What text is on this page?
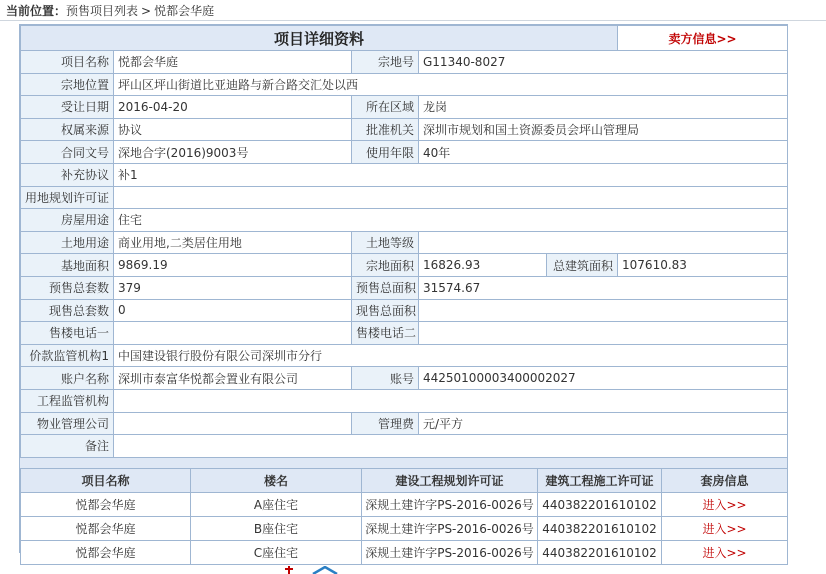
当前位置：预售项目列表 > 悦都会华庭
项目详细资料					卖方信息>>
项目名称	悦都会华庭	宗地号	G11340-8027		
宗地位置	坪山区坪山街道比亚迪路与新合路交汇处以西				
受让日期	2016-04-20	所在区域	龙岗		
权属来源	协议	批准机关	深圳市规划和国土资源委员会坪山管理局		
合同文号	深地合字(2016)9003号	使用年限	40年		
补充协议	补1				
用地规划许可证					
房屋用途	住宅				
土地用途	商业用地,二类居住用地	土地等级			
基地面积	9869.19	宗地面积	16826.93	总建筑面积	107610.83
预售总套数	379	预售总面积	31574.67		
现售总套数	0	现售总面积			
售楼电话一		售楼电话二			
价款监管机构1	中国建设银行股份有限公司深圳市分行				
账户名称	深圳市泰富华悦都会置业有限公司	账号	44250100003400002027		
工程监管机构					
物业管理公司		管理费	元/平方		
备注					
项目名称	楼名	建设工程规划许可证	建筑工程施工许可证	套房信息
悦都会华庭	A座住宅	深规土建许字PS-2016-0026号	440382201610102	进入>>
悦都会华庭	B座住宅	深规土建许字PS-2016-0026号	440382201610102	进入>>
悦都会华庭	C座住宅	深规土建许字PS-2016-0026号	440382201610102	进入>>
